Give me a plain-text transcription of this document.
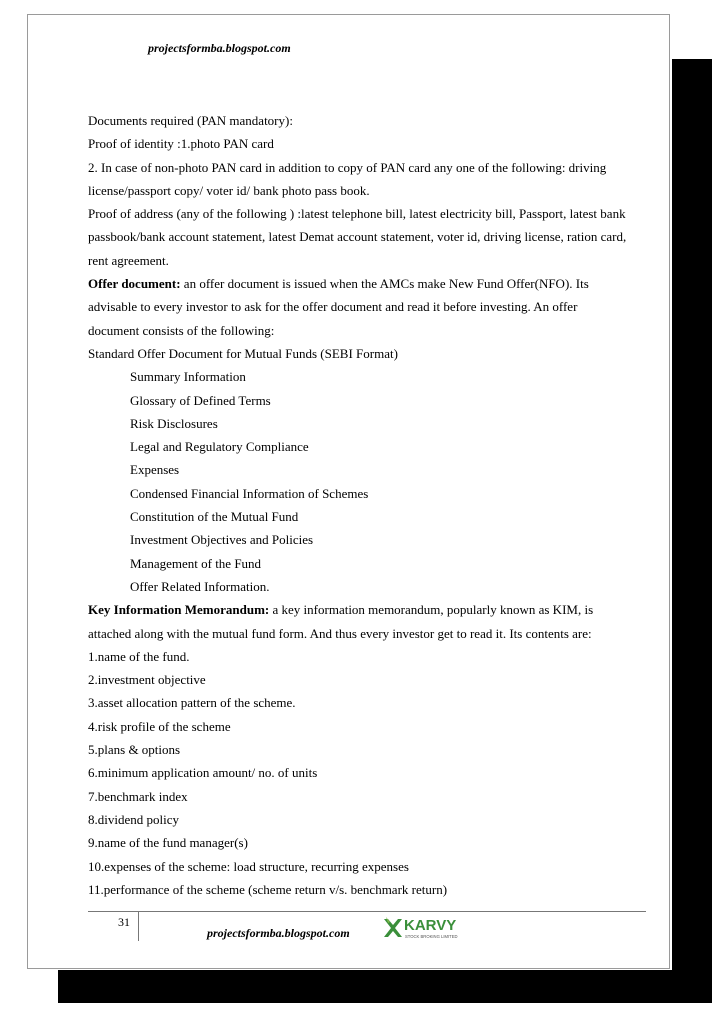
projectsformba.blogspot.com
Documents required (PAN mandatory):
Proof of identity :1.photo PAN card
2. In case of non-photo PAN card in addition to copy of PAN card any one of the following: driving
license/passport copy/ voter id/ bank photo pass book.
Proof of address (any of the following ) :latest telephone bill, latest electricity bill, Passport, latest bank
passbook/bank account statement, latest Demat account statement, voter id, driving license, ration card,
rent agreement.
Offer document: an offer document is issued when the AMCs make New Fund Offer(NFO). Its
advisable to every investor to ask for the offer document and read it before investing. An offer
document consists of the following:
Standard Offer Document for Mutual Funds (SEBI Format)
Summary Information
Glossary of Defined Terms
Risk Disclosures
Legal and Regulatory Compliance
Expenses
Condensed Financial Information of Schemes
Constitution of the Mutual Fund
Investment Objectives and Policies
Management of the Fund
Offer Related Information.
Key Information Memorandum: a key information memorandum, popularly known as KIM, is
attached along with the mutual fund form. And thus every investor get to read it. Its contents are:
1.name of the fund.
2.investment objective
3.asset allocation pattern of the scheme.
4.risk profile of the scheme
5.plans & options
6.minimum application amount/ no. of units
7.benchmark index
8.dividend policy
9.name of the fund manager(s)
10.expenses of the scheme: load structure, recurring expenses
11.performance of the scheme (scheme return v/s. benchmark return)
31
projectsformba.blogspot.com	KARVY
STOCK BROKING LIMITED
